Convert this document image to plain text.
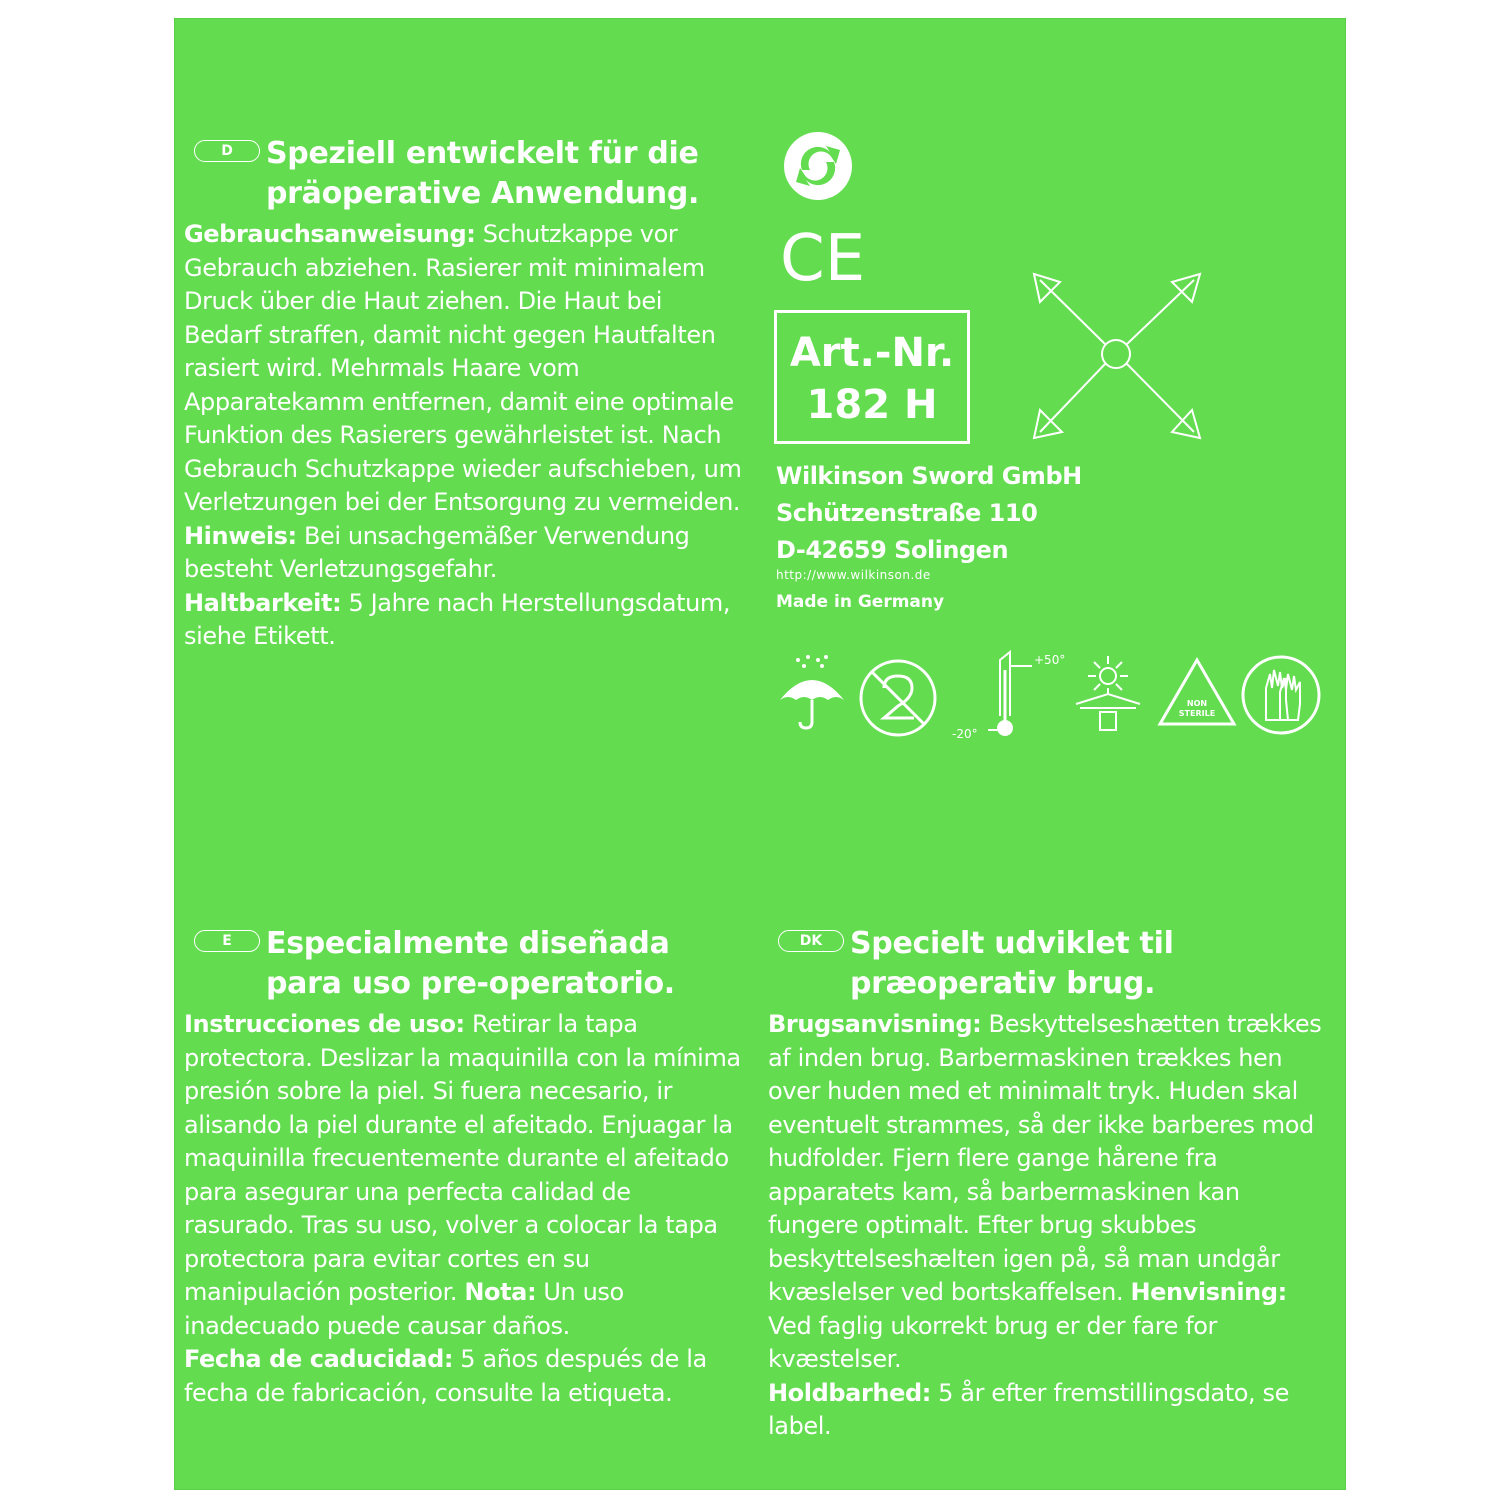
D	Speziell entwickelt für die

präoperative Anwendung.

Gebrauchsanweisung: Schutzkappe vor Gebrauch abziehen. Rasierer mit minimalem Druck über die Haut ziehen. Die Haut bei Bedarf straffen, damit nicht gegen Hautfalten rasiert wird. Mehrmals Haare vom Apparatekamm entfernen, damit eine optimale Funktion des Rasierers gewährleistet ist. Nach Gebrauch Schutzkappe wieder aufschieben, um Verletzungen bei der Entsorgung zu vermeiden. Hinweis: Bei unsachgemäßer Verwendung besteht Verletzungsgefahr.
Haltbarkeit: 5 Jahre nach Herstellungsdatum, siehe Etikett.

CE
Art.-Nr.
182 H
Wilkinson Sword GmbH
Schützenstraße 110
D-42659 Solingen
http://www.wilkinson.de
Made in Germany
+50°
-20°
NON
STERILE
E	Especialmente diseñada

para uso pre-operatorio.

Instrucciones de uso: Retirar la tapa protectora. Deslizar la maquinilla con la mínima presión sobre la piel. Si fuera necesario, ir alisando la piel durante el afeitado. Enjuagar la maquinilla frecuentemente durante el afeitado para asegurar una perfecta calidad de rasurado. Tras su uso, volver a colocar la tapa protectora para evitar cortes en su manipulación posterior. Nota: Un uso inadecuado puede causar daños.
Fecha de caducidad: 5 años después de la fecha de fabricación, consulte la etiqueta.

DK Specielt udviklet til

præoperativ brug.

Brugsanvisning: Beskyttelseshætten trækkes af inden brug. Barbermaskinen trækkes hen over huden med et minimalt tryk. Huden skal eventuelt strammes, så der ikke barberes mod hudfolder. Fjern flere gange hårene fra apparatets kam, så barbermaskinen kan fungere optimalt. Efter brug skubbes beskyttelseshælten igen på, så man undgår kvæslelser ved bortskaffelsen. Henvisning: Ved faglig ukorrekt brug er der fare for kvæstelser.
Holdbarhed: 5 år efter fremstillingsdato, se label.
